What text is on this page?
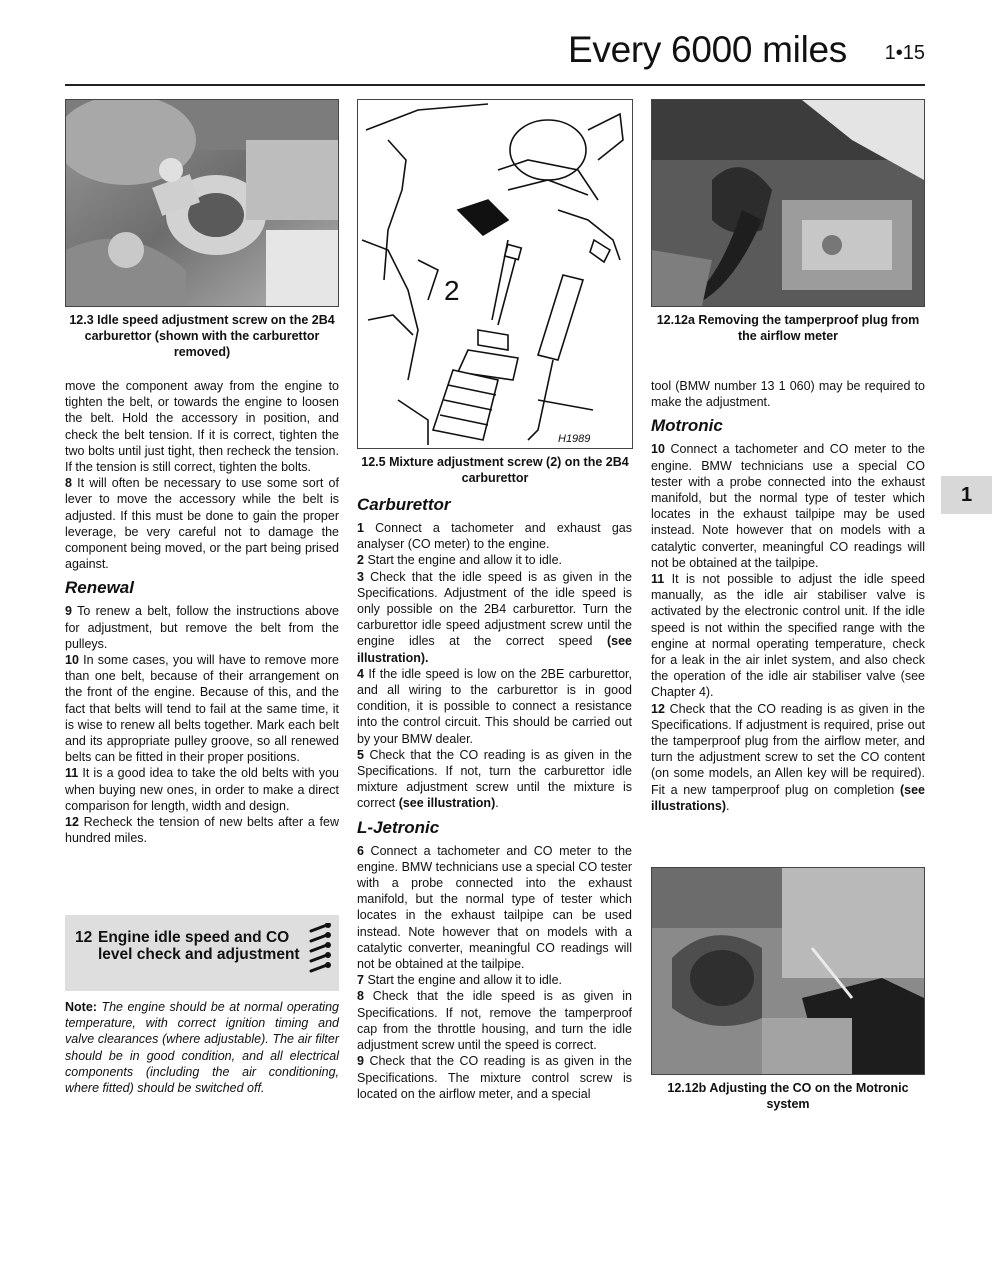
Every 6000 miles 1•15
1
12.3 Idle speed adjustment screw on the 2B4 carburettor (shown with the carburettor removed)

move the component away from the engine to tighten the belt, or towards the engine to loosen the belt. Hold the accessory in position, and check the belt tension. If it is correct, tighten the two bolts until just tight, then recheck the tension. If the tension is still correct, tighten the bolts.

8 It will often be necessary to use some sort of lever to move the accessory while the belt is adjusted. If this must be done to gain the proper leverage, be very careful not to damage the component being moved, or the part being prised against.

Renewal

9 To renew a belt, follow the instructions above for adjustment, but remove the belt from the pulleys.

10 In some cases, you will have to remove more than one belt, because of their arrangement on the front of the engine. Because of this, and the fact that belts will tend to fail at the same time, it is wise to renew all belts together. Mark each belt and its appropriate pulley groove, so all renewed belts can be fitted in their proper positions.

11 It is a good idea to take the old belts with you when buying new ones, in order to make a direct comparison for length, width and design.

12 Recheck the tension of new belts after a few hundred miles.

12 Engine idle speed and CO
level check and adjustment

Note: The engine should be at normal operating temperature, with correct ignition timing and valve clearances (where adjustable). The air filter should be in good condition, and all electrical components (including the air conditioning, where fitted) should be switched off.

2
H1989
12.5 Mixture adjustment screw (2) on the 2B4 carburettor
Carburettor

1 Connect a tachometer and exhaust gas analyser (CO meter) to the engine.

2 Start the engine and allow it to idle.

3 Check that the idle speed is as given in the Specifications. Adjustment of the idle speed is only possible on the 2B4 carburettor. Turn the carburettor idle speed adjustment screw until the engine idles at the correct speed (see illustration).

4 If the idle speed is low on the 2BE carburettor, and all wiring to the carburettor is in good condition, it is possible to connect a resistance into the control circuit. This should be carried out by your BMW dealer.

5 Check that the CO reading is as given in the Specifications. If not, turn the carburettor idle mixture adjustment screw until the mixture is correct (see illustration).

L-Jetronic

6 Connect a tachometer and CO meter to the engine. BMW technicians use a special CO tester with a probe connected into the exhaust manifold, but the normal type of tester which locates in the exhaust tailpipe can be used instead. Note however that on models with a catalytic converter, meaningful CO readings will not be obtained at the tailpipe.

7 Start the engine and allow it to idle.

8 Check that the idle speed is as given in Specifications. If not, remove the tamperproof cap from the throttle housing, and turn the idle adjustment screw until the speed is correct.

9 Check that the CO reading is as given in the Specifications. The mixture control screw is located on the airflow meter, and a special

12.12a Removing the tamperproof plug from the airflow meter

tool (BMW number 13 1 060) may be required to make the adjustment.

Motronic

10 Connect a tachometer and CO meter to the engine. BMW technicians use a special CO tester with a probe connected into the exhaust manifold, but the normal type of tester which locates in the exhaust tailpipe may be used instead. Note however that on models with a catalytic converter, meaningful CO readings will not be obtained at the tailpipe.

11 It is not possible to adjust the idle speed manually, as the idle air stabiliser valve is activated by the electronic control unit. If the idle speed is not within the specified range with the engine at normal operating temperature, check for a leak in the air inlet system, and also check the operation of the idle air stabiliser valve (see Chapter 4).

12 Check that the CO reading is as given in the Specifications. If adjustment is required, prise out the tamperproof plug from the airflow meter, and turn the adjustment screw to set the CO content (on some models, an Allen key will be required). Fit a new tamperproof plug on completion (see illustrations).

12.12b Adjusting the CO on the Motronic system
